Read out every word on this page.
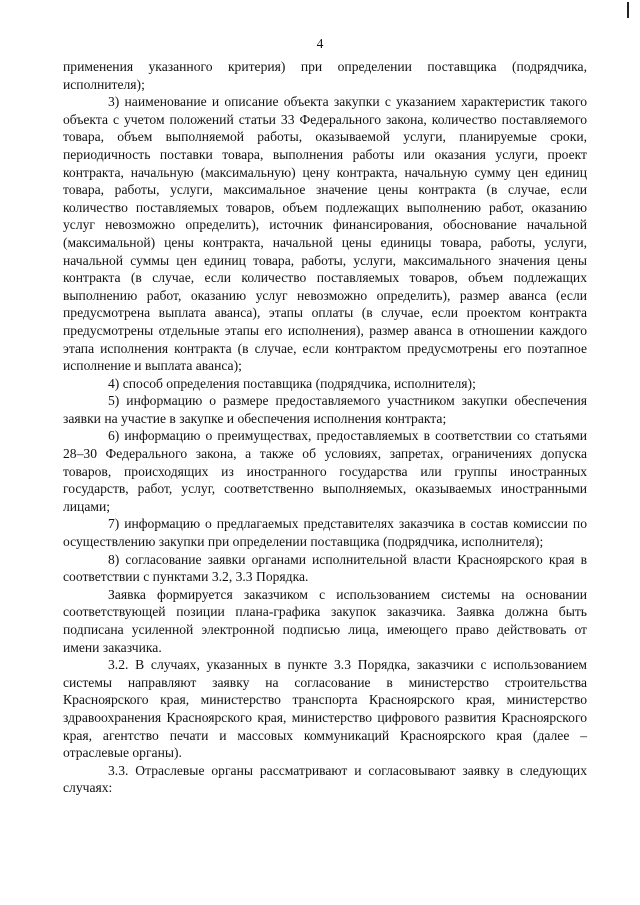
4

применения указанного критерия) при определении поставщика (подрядчика, исполнителя);

3) наименование и описание объекта закупки с указанием характеристик такого объекта с учетом положений статьи 33 Федерального закона, количество поставляемого товара, объем выполняемой работы, оказываемой услуги, планируемые сроки, периодичность поставки товара, выполнения работы или оказания услуги, проект контракта, начальную (максимальную) цену контракта, начальную сумму цен единиц товара, работы, услуги, максимальное значение цены контракта (в случае, если количество поставляемых товаров, объем подлежащих выполнению работ, оказанию услуг невозможно определить), источник финансирования, обоснование начальной (максимальной) цены контракта, начальной цены единицы товара, работы, услуги, начальной суммы цен единиц товара, работы, услуги, максимального значения цены контракта (в случае, если количество поставляемых товаров, объем подлежащих выполнению работ, оказанию услуг невозможно определить), размер аванса (если предусмотрена выплата аванса), этапы оплаты (в случае, если проектом контракта предусмотрены отдельные этапы его исполнения), размер аванса в отношении каждого этапа исполнения контракта (в случае, если контрактом предусмотрены его поэтапное исполнение и выплата аванса);

4) способ определения поставщика (подрядчика, исполнителя);

5) информацию о размере предоставляемого участником закупки обеспечения заявки на участие в закупке и обеспечения исполнения контракта;

6) информацию о преимуществах, предоставляемых в соответствии со статьями 28–30 Федерального закона, а также об условиях, запретах, ограничениях допуска товаров, происходящих из иностранного государства или группы иностранных государств, работ, услуг, соответственно выполняемых, оказываемых иностранными лицами;

7) информацию о предлагаемых представителях заказчика в состав комиссии по осуществлению закупки при определении поставщика (подрядчика, исполнителя);

8) согласование заявки органами исполнительной власти Красноярского края в соответствии с пунктами 3.2, 3.3 Порядка.

Заявка формируется заказчиком с использованием системы на основании соответствующей позиции плана-графика закупок заказчика. Заявка должна быть подписана усиленной электронной подписью лица, имеющего право действовать от имени заказчика.

3.2. В случаях, указанных в пункте 3.3 Порядка, заказчики с использованием системы направляют заявку на согласование в министерство строительства Красноярского края, министерство транспорта Красноярского края, министерство здравоохранения Красноярского края, министерство цифрового развития Красноярского края, агентство печати и массовых коммуникаций Красноярского края (далее – отраслевые органы).

3.3. Отраслевые органы рассматривают и согласовывают заявку в следующих случаях:
